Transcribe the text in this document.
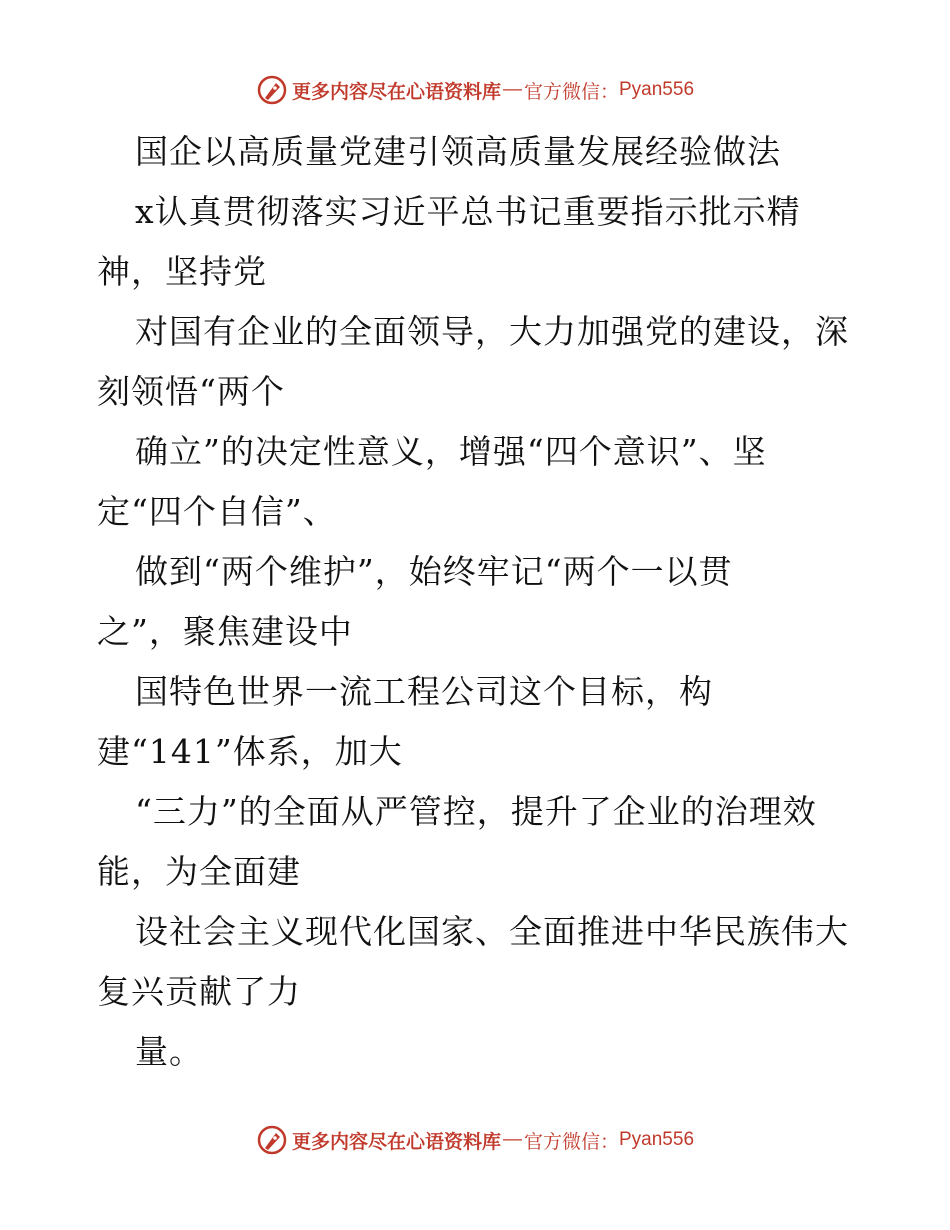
更多内容尽在心语资料库 — 官方微信： Pyan556
国企以高质量党建引领高质量发展经验做法
x认真贯彻落实习近平总书记重要指示批示精
神，坚持党
对国有企业的全面领导，大力加强党的建设，深
刻领悟“两个
确立”的决定性意义，增强“四个意识”、坚
定“四个自信”、
做到“两个维护”，始终牢记“两个一以贯
之”，聚焦建设中
国特色世界一流工程公司这个目标，构
建“141”体系，加大
“三力”的全面从严管控，提升了企业的治理效
能，为全面建
设社会主义现代化国家、全面推进中华民族伟大
复兴贡献了力
量。
更多内容尽在心语资料库 — 官方微信： Pyan556
